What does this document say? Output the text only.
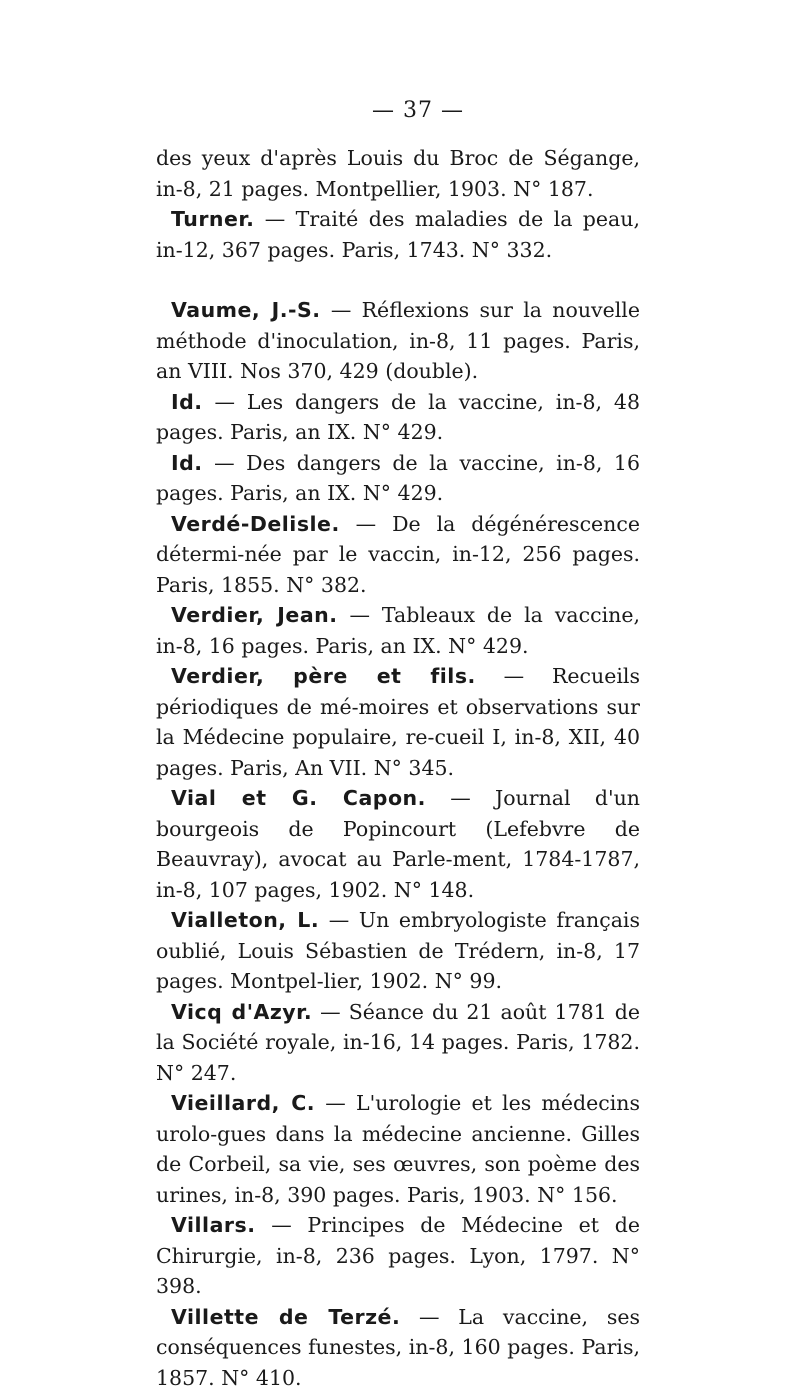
— 37 —

des yeux d'après Louis du Broc de Ségange, in-8, 21 pages. Montpellier, 1903. N° 187.

Turner. — Traité des maladies de la peau, in-12, 367 pages. Paris, 1743. N° 332.

Vaume, J.-S. — Réflexions sur la nouvelle méthode d'inoculation, in-8, 11 pages. Paris, an VIII. Nos 370, 429 (double).

Id. — Les dangers de la vaccine, in-8, 48 pages. Paris, an IX. N° 429.

Id. — Des dangers de la vaccine, in-8, 16 pages. Paris, an IX. N° 429.

Verdé-Delisle. — De la dégénérescence détermi-née par le vaccin, in-12, 256 pages. Paris, 1855. N° 382.

Verdier, Jean. — Tableaux de la vaccine, in-8, 16 pages. Paris, an IX. N° 429.

Verdier, père et fils. — Recueils périodiques de mé-moires et observations sur la Médecine populaire, re-cueil I, in-8, XII, 40 pages. Paris, An VII. N° 345.

Vial et G. Capon. — Journal d'un bourgeois de Popincourt (Lefebvre de Beauvray), avocat au Parle-ment, 1784-1787, in-8, 107 pages, 1902. N° 148.

Vialleton, L. — Un embryologiste français oublié, Louis Sébastien de Trédern, in-8, 17 pages. Montpel-lier, 1902. N° 99.

Vicq d'Azyr. — Séance du 21 août 1781 de la Société royale, in-16, 14 pages. Paris, 1782. N° 247.

Vieillard, C. — L'urologie et les médecins urolo-gues dans la médecine ancienne. Gilles de Corbeil, sa vie, ses œuvres, son poème des urines, in-8, 390 pages. Paris, 1903. N° 156.

Villars. — Principes de Médecine et de Chirurgie, in-8, 236 pages. Lyon, 1797. N° 398.

Villette de Terzé. — La vaccine, ses conséquences funestes, in-8, 160 pages. Paris, 1857. N° 410.
